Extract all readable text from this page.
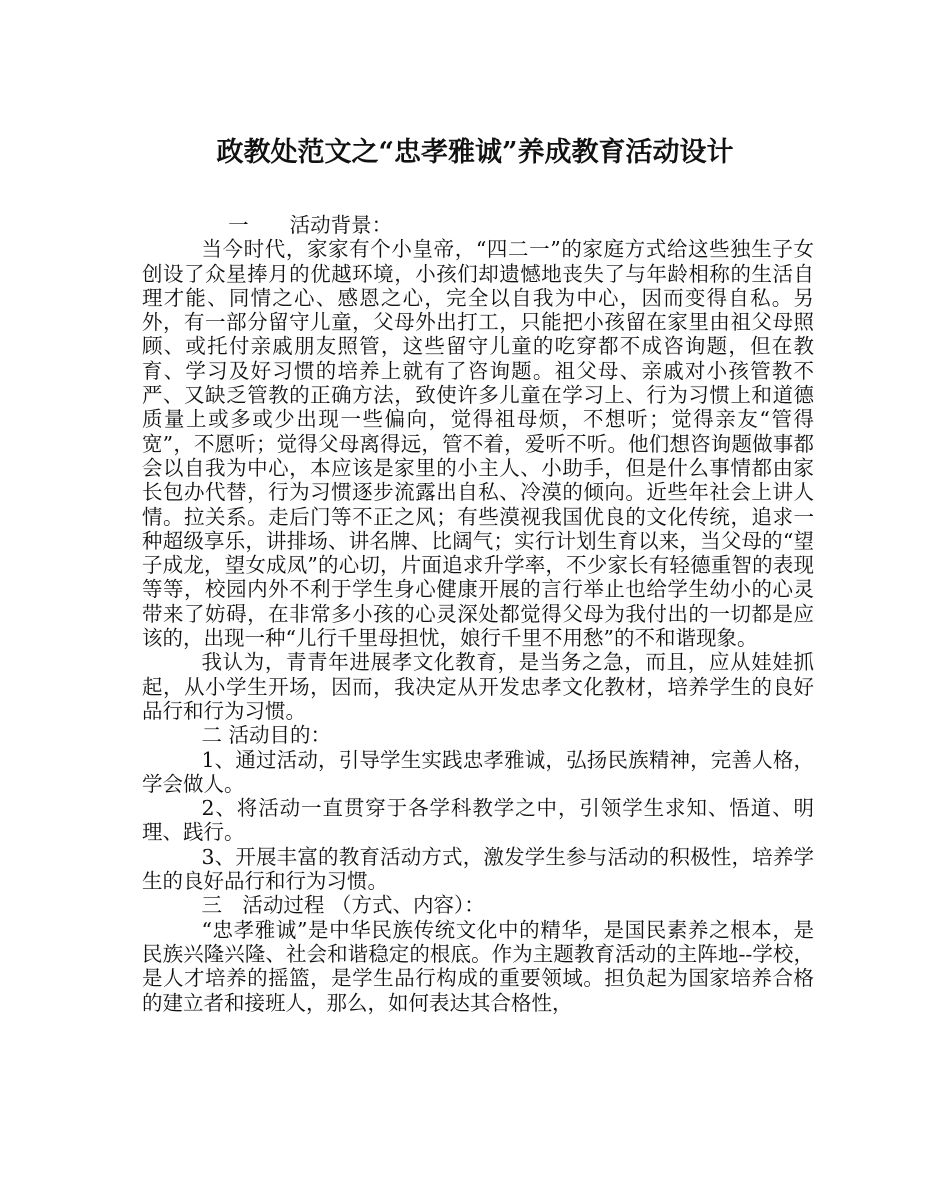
政教处范文之“忠孝雅诚”养成教育活动设计

一　　活动背景：

当今时代，家家有个小皇帝，“四二一”的家庭方式给这些独生子女 创设了众星捧月的优越环境，小孩们却遗憾地丧失了与年龄相称的生活自理才能、同情之心、感恩之心，完全以自我为中心，因而变得自私。另外，有一部分留守儿童，父母外出打工，只能把小孩留在家里由祖父母照顾、或托付亲戚朋友照管，这些留守儿童的吃穿都不成咨询题，但在教育、学习及好习惯的培养上就有了咨询题。祖父母、亲戚对小孩管教不严、又缺乏管教的正确方法，致使许多儿童在学习上、行为习惯上和道德质量上或多或少出现一些偏向，觉得祖母烦，不想听；觉得亲友“管得宽”，不愿听；觉得父母离得远，管不着，爱听不听。他们想咨询题做事都会以自我为中心，本应该是家里的小主人、小助手，但是什么事情都由家长包办代替，行为习惯逐步流露出自私、冷漠的倾向。近些年社会上讲人情。拉关系。走后门等不正之风；有些漠视我国优良的文化传统，追求一种超级享乐，讲排场、讲名牌、比阔气；实行计划生育以来，当父母的“望子成龙，望女成凤”的心切，片面追求升学率，不少家长有轻德重智的表现等等，校园内外不利于学生身心健康开展的言行举止也给学生幼小的心灵带来了妨碍，在非常多小孩的心灵深处都觉得父母为我付出的一切都是应该的，出现一种“儿行千里母担忧，娘行千里不用愁”的不和谐现象。

我认为，青青年进展孝文化教育，是当务之急，而且，应从娃娃抓起，从小学生开场，因而，我决定从开发忠孝文化教材，培养学生的良好品行和行为习惯。

二 活动目的：

1、通过活动，引导学生实践忠孝雅诚，弘扬民族精神，完善人格，学会做人。

2、将活动一直贯穿于各学科教学之中，引领学生求知、悟道、明理、践行。

3、开展丰富的教育活动方式，激发学生参与活动的积极性，培养学生的良好品行和行为习惯。

三　活动过程 （方式、内容）：

“忠孝雅诚”是中华民族传统文化中的精华，是国民素养之根本，是民族兴隆兴隆、社会和谐稳定的根底。作为主题教育活动的主阵地--学校，是人才培养的摇篮，是学生品行构成的重要领域。担负起为国家培养合格的建立者和接班人，那么，如何表达其合格性，
